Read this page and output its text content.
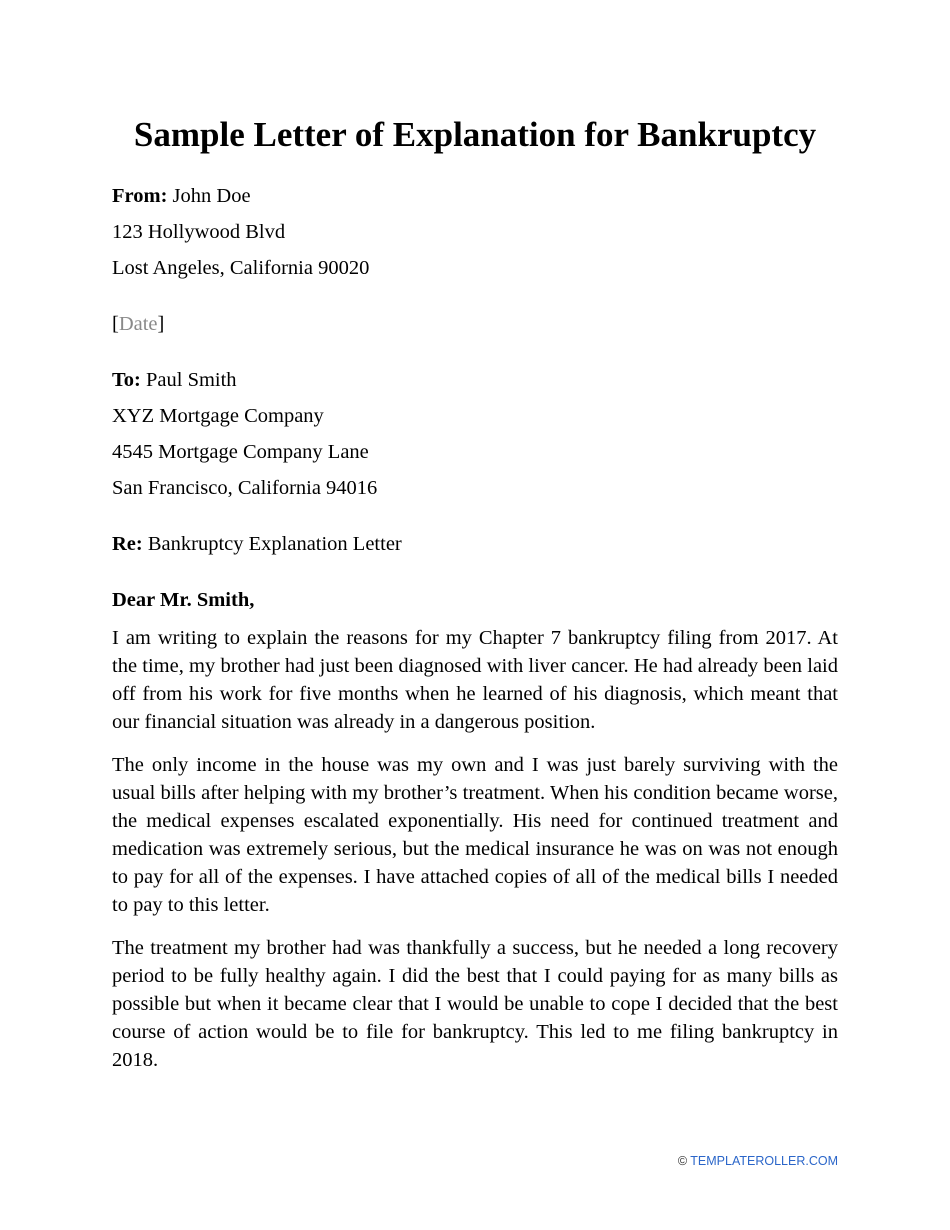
Sample Letter of Explanation for Bankruptcy

From: John Doe

123 Hollywood Blvd

Lost Angeles, California 90020

[Date]

To: Paul Smith

XYZ Mortgage Company

4545 Mortgage Company Lane

San Francisco, California 94016

Re: Bankruptcy Explanation Letter

Dear Mr. Smith,

I am writing to explain the reasons for my Chapter 7 bankruptcy filing from 2017. At the time, my brother had just been diagnosed with liver cancer. He had already been laid off from his work for five months when he learned of his diagnosis, which meant that our financial situation was already in a dangerous position.

The only income in the house was my own and I was just barely surviving with the usual bills after helping with my brother’s treatment. When his condition became worse, the medical expenses escalated exponentially. His need for continued treatment and medication was extremely serious, but the medical insurance he was on was not enough to pay for all of the expenses. I have attached copies of all of the medical bills I needed to pay to this letter.

The treatment my brother had was thankfully a success, but he needed a long recovery period to be fully healthy again. I did the best that I could paying for as many bills as possible but when it became clear that I would be unable to cope I decided that the best course of action would be to file for bankruptcy. This led to me filing bankruptcy in 2018.

© TEMPLATEROLLER.COM
